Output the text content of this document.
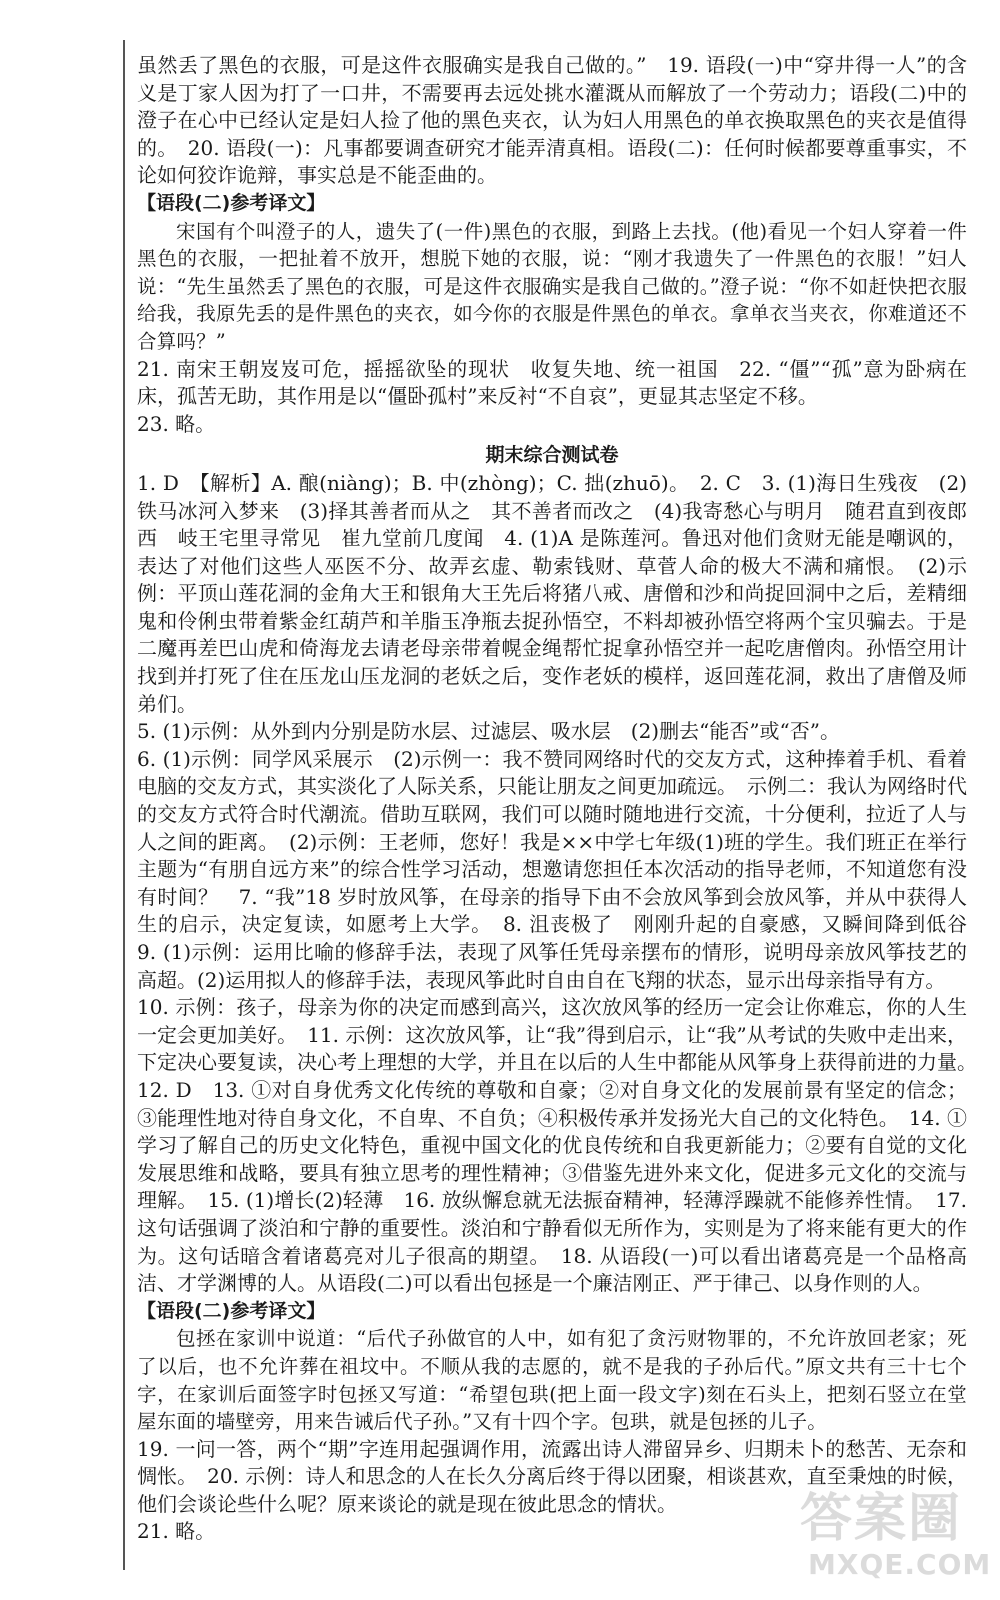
虽然丢了黑色的衣服，可是这件衣服确实是我自己做的。”　19. 语段(一)中“穿井得一人”的含义是丁家人因为打了一口井，不需要再去远处挑水灌溉从而解放了一个劳动力；语段(二)中的澄子在心中已经认定是妇人捡了他的黑色夹衣，认为妇人用黑色的单衣换取黑色的夹衣是值得的。　20. 语段(一)：凡事都要调查研究才能弄清真相。语段(二)：任何时候都要尊重事实，不论如何狡诈诡辩，事实总是不能歪曲的。

【语段(二)参考译文】

宋国有个叫澄子的人，遗失了(一件)黑色的衣服，到路上去找。(他)看见一个妇人穿着一件黑色的衣服，一把扯着不放开，想脱下她的衣服，说：“刚才我遗失了一件黑色的衣服！”妇人说：“先生虽然丢了黑色的衣服，可是这件衣服确实是我自己做的。”澄子说：“你不如赶快把衣服给我，我原先丢的是件黑色的夹衣，如今你的衣服是件黑色的单衣。拿单衣当夹衣，你难道还不合算吗？”

21. 南宋王朝岌岌可危，摇摇欲坠的现状　收复失地、统一祖国　22. “僵”“孤”意为卧病在床，孤苦无助，其作用是以“僵卧孤村”来反衬“不自哀”，更显其志坚定不移。

23. 略。

期末综合测试卷

1. D　【解析】A. 酿(niàng)；B. 中(zhòng)；C. 拙(zhuō)。　2. C　3. (1)海日生残夜　(2)铁马冰河入梦来　(3)择其善者而从之　其不善者而改之　(4)我寄愁心与明月　随君直到夜郎西　岐王宅里寻常见　崔九堂前几度闻　4. (1)A 是陈莲河。鲁迅对他们贪财无能是嘲讽的，表达了对他们这些人巫医不分、故弄玄虚、勒索钱财、草菅人命的极大不满和痛恨。　(2)示例：平顶山莲花洞的金角大王和银角大王先后将猪八戒、唐僧和沙和尚捉回洞中之后，差精细鬼和伶俐虫带着紫金红葫芦和羊脂玉净瓶去捉孙悟空，不料却被孙悟空将两个宝贝骗去。于是二魔再差巴山虎和倚海龙去请老母亲带着幌金绳帮忙捉拿孙悟空并一起吃唐僧肉。孙悟空用计找到并打死了住在压龙山压龙洞的老妖之后，变作老妖的模样，返回莲花洞，救出了唐僧及师弟们。

5. (1)示例：从外到内分别是防水层、过滤层、吸水层　(2)删去“能否”或“否”。

6. (1)示例：同学风采展示　(2)示例一：我不赞同网络时代的交友方式，这种捧着手机、看着电脑的交友方式，其实淡化了人际关系，只能让朋友之间更加疏远。　示例二：我认为网络时代的交友方式符合时代潮流。借助互联网，我们可以随时随地进行交流，十分便利，拉近了人与人之间的距离。　(2)示例：王老师，您好！我是××中学七年级(1)班的学生。我们班正在举行主题为“有朋自远方来”的综合性学习活动，想邀请您担任本次活动的指导老师，不知道您有没有时间？　7. “我”18 岁时放风筝，在母亲的指导下由不会放风筝到会放风筝，并从中获得人生的启示，决定复读，如愿考上大学。　8. 沮丧极了　刚刚升起的自豪感，又瞬间降到低谷　9. (1)示例：运用比喻的修辞手法，表现了风筝任凭母亲摆布的情形，说明母亲放风筝技艺的高超。(2)运用拟人的修辞手法，表现风筝此时自由自在飞翔的状态，显示出母亲指导有方。

10. 示例：孩子，母亲为你的决定而感到高兴，这次放风筝的经历一定会让你难忘，你的人生一定会更加美好。　11. 示例：这次放风筝，让“我”得到启示，让“我”从考试的失败中走出来，下定决心要复读，决心考上理想的大学，并且在以后的人生中都能从风筝身上获得前进的力量。　12. D　13. ①对自身优秀文化传统的尊敬和自豪；②对自身文化的发展前景有坚定的信念；③能理性地对待自身文化，不自卑、不自负；④积极传承并发扬光大自己的文化特色。　14. ①学习了解自己的历史文化特色，重视中国文化的优良传统和自我更新能力；②要有自觉的文化发展思维和战略，要具有独立思考的理性精神；③借鉴先进外来文化，促进多元文化的交流与理解。　15. (1)增长(2)轻薄　16. 放纵懈怠就无法振奋精神，轻薄浮躁就不能修养性情。　17. 这句话强调了淡泊和宁静的重要性。淡泊和宁静看似无所作为，实则是为了将来能有更大的作为。这句话暗含着诸葛亮对儿子很高的期望。　18. 从语段(一)可以看出诸葛亮是一个品格高洁、才学渊博的人。从语段(二)可以看出包拯是一个廉洁刚正、严于律己、以身作则的人。

【语段(二)参考译文】

包拯在家训中说道：“后代子孙做官的人中，如有犯了贪污财物罪的，不允许放回老家；死了以后，也不允许葬在祖坟中。不顺从我的志愿的，就不是我的子孙后代。”原文共有三十七个字，在家训后面签字时包拯又写道：“希望包珙(把上面一段文字)刻在石头上，把刻石竖立在堂屋东面的墙壁旁，用来告诫后代子孙。”又有十四个字。包珙，就是包拯的儿子。

19. 一问一答，两个“期”字连用起强调作用，流露出诗人滞留异乡、归期未卜的愁苦、无奈和惆怅。　20. 示例：诗人和思念的人在长久分离后终于得以团聚，相谈甚欢，直至秉烛的时候，他们会谈论些什么呢？原来谈论的就是现在彼此思念的情状。

21. 略。	答案圈
MXQE.COM
